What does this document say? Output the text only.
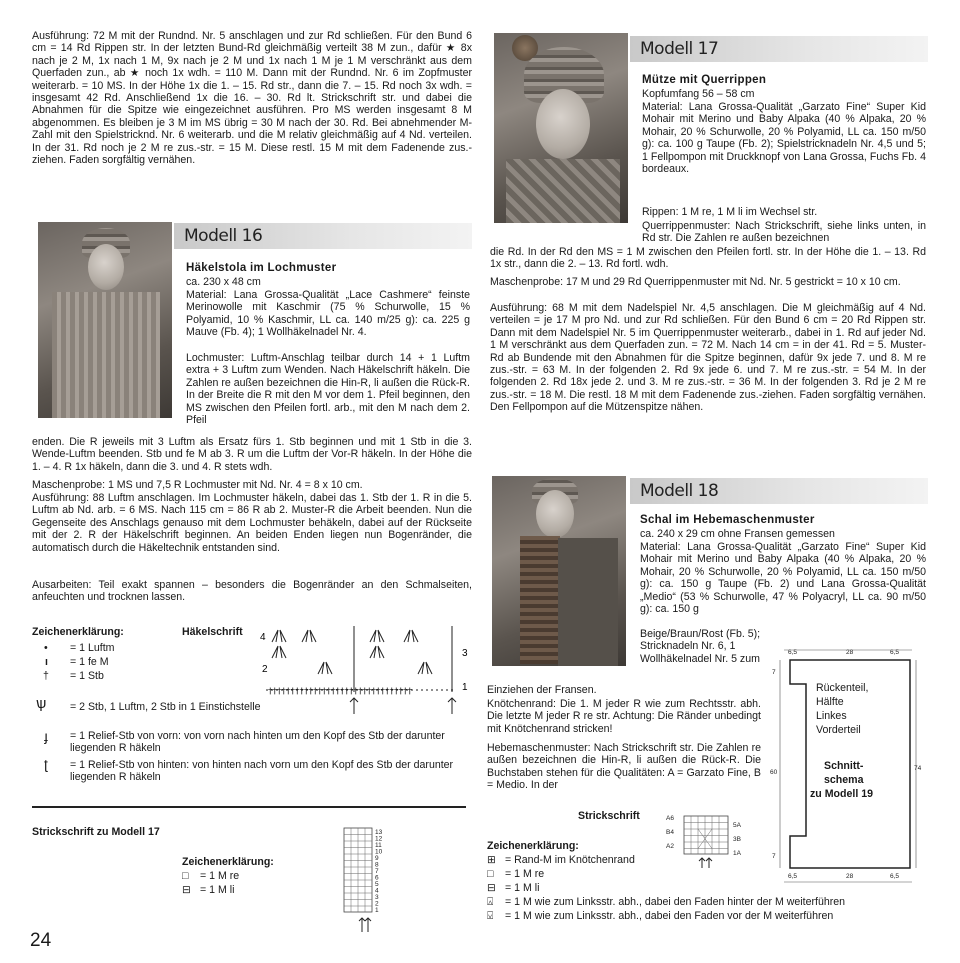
Ausführung: 72 M mit der Rundnd. Nr. 5 anschlagen und zur Rd schließen. Für den Bund 6 cm = 14 Rd Rippen str. In der letzten Bund-Rd gleichmäßig verteilt 38 M zun., dafür ★ 8x nach je 2 M, 1x nach 1 M, 9x nach je 2 M und 1x nach 1 M je 1 M verschränkt aus dem Querfaden zun., ab ★ noch 1x wdh. = 110 M. Dann mit der Rundnd. Nr. 6 im Zopfmuster weiterarb. = 10 MS. In der Höhe 1x die 1. – 15. Rd str., dann die 7. – 15. Rd noch 3x wdh. = insgesamt 42 Rd. Anschließend 1x die 16. – 30. Rd lt. Strickschrift str. und dabei die Abnahmen für die Spitze wie eingezeichnet ausführen. Pro MS werden insgesamt 8 M abgenommen. Es bleiben je 3 M im MS übrig = 30 M nach der 30. Rd. Bei abnehmender M-Zahl mit den Spielstricknd. Nr. 6 weiterarb. und die M relativ gleichmäßig auf 4 Nd. verteilen. In der 31. Rd noch je 2 M re zus.-str. = 15 M. Diese restl. 15 M mit dem Fadenende zus.-ziehen. Faden sorgfältig vernähen.
Modell 16
Häkelstola im Lochmuster
ca. 230 x 48 cm
Material: Lana Grossa-Qualität „Lace Cashmere“ feinste Merinowolle mit Kaschmir (75 % Schurwolle, 15 % Polyamid, 10 % Kaschmir, LL ca. 140 m/25 g): ca. 225 g Mauve (Fb. 4); 1 Wollhäkelnadel Nr. 4.
Lochmuster: Luftm-Anschlag teilbar durch 14 + 1 Luftm extra + 3 Luftm zum Wenden. Nach Häkelschrift häkeln. Die Zahlen re außen bezeichnen die Hin-R, li außen die Rück-R. In der Breite die R mit den M vor dem 1. Pfeil beginnen, den MS zwischen den Pfeilen fortl. arb., mit den M nach dem 2. Pfeil
enden. Die R jeweils mit 3 Luftm als Ersatz fürs 1. Stb beginnen und mit 1 Stb in die 3. Wende-Luftm beenden. Stb und fe M ab 3. R um die Luftm der Vor-R häkeln. In der Höhe die 1. – 4. R 1x häkeln, dann die 3. und 4. R stets wdh.
Maschenprobe: 1 MS und 7,5 R Lochmuster mit Nd. Nr. 4 = 8 x 10 cm.
Ausführung: 88 Luftm anschlagen. Im Lochmuster häkeln, dabei das 1. Stb der 1. R in die 5. Luftm ab Nd. arb. = 6 MS. Nach 115 cm = 86 R ab 2. Muster-R die Arbeit beenden. Nun die Gegenseite des Anschlags genauso mit dem Lochmuster behäkeln, dabei auf der Rückseite mit der 2. R der Häkelschrift beginnen. An beiden Enden liegen nun Bogenränder, die automatisch durch die Häkeltechnik entstanden sind.
Ausarbeiten: Teil exakt spannen – besonders die Bogenränder an den Schmalseiten, anfeuchten und trocknen lassen.
Zeichenerklärung:	Häkelschrift
• = 1 Luftm
ı = 1 fe M
† = 1 Stb
ѱ = 2 Stb, 1 Luftm, 2 Stb in 1 Einstichstelle
ɟ = 1 Relief-Stb von vorn: von vorn nach hinten um den Kopf des Stb der darunter liegenden R häkeln
ʈ = 1 Relief-Stb von hinten: von hinten nach vorn um den Kopf des Stb der darunter liegenden R häkeln
4
2
3
1
††††††††††††††††††††††††††††††††
Strickschrift zu Modell 17
Zeichenerklärung:
□ = 1 M re
⊟ = 1 M li
13
12
11
10
9
8
7
6
5
4
3
2
1
Modell 17
Mütze mit Querrippen
Kopfumfang 56 – 58 cm
Material: Lana Grossa-Qualität „Garzato Fine“ Super Kid Mohair mit Merino und Baby Alpaka (40 % Alpaka, 20 % Mohair, 20 % Schurwolle, 20 % Polyamid, LL ca. 150 m/50 g): ca. 100 g Taupe (Fb. 2); Spielstricknadeln Nr. 4,5 und 5; 1 Fellpompon mit Druckknopf von Lana Grossa, Fuchs Fb. 4 bordeaux.
Rippen: 1 M re, 1 M li im Wechsel str.
Querrippenmuster: Nach Strickschrift, siehe links unten, in Rd str. Die Zahlen re außen bezeichnen
die Rd. In der Rd den MS = 1 M zwischen den Pfeilen fortl. str. In der Höhe die 1. – 13. Rd 1x str., dann die 2. – 13. Rd fortl. wdh.
Maschenprobe: 17 M und 29 Rd Querrippenmuster mit Nd. Nr. 5 gestrickt = 10 x 10 cm.
Ausführung: 68 M mit dem Nadelspiel Nr. 4,5 anschlagen. Die M gleichmäßig auf 4 Nd. verteilen = je 17 M pro Nd. und zur Rd schließen. Für den Bund 6 cm = 20 Rd Rippen str. Dann mit dem Nadelspiel Nr. 5 im Querrippenmuster weiterarb., dabei in 1. Rd auf jeder Nd. 1 M verschränkt aus dem Querfaden zun. = 72 M. Nach 14 cm = in der 41. Rd = 5. Muster-Rd ab Bundende mit den Abnahmen für die Spitze beginnen, dafür 9x jede 7. und 8. M re zus.-str. = 63 M. In der folgenden 2. Rd 9x jede 6. und 7. M re zus.-str. = 54 M. In der folgenden 2. Rd 18x jede 2. und 3. M re zus.-str. = 36 M. In der folgenden 3. Rd je 2 M re zus.-str. = 18 M. Die restl. 18 M mit dem Fadenende zus.-ziehen. Faden sorgfältig vernähen. Den Fellpompon auf die Mützenspitze nähen.
Modell 18
Schal im Hebemaschenmuster
ca. 240 x 29 cm ohne Fransen gemessen
Material: Lana Grossa-Qualität „Garzato Fine“ Super Kid Mohair mit Merino und Baby Alpaka (40 % Alpaka, 20 % Mohair, 20 % Schurwolle, 20 % Polyamid, LL ca. 150 m/50 g): ca. 150 g Taupe (Fb. 2) und Lana Grossa-Qualität „Medio“ (53 % Schurwolle, 47 % Polyacryl, LL ca. 90 m/50 g): ca. 150 g
Beige/Braun/Rost (Fb. 5); Stricknadeln Nr. 6, 1 Wollhäkelnadel Nr. 5 zum
Einziehen der Fransen.
Knötchenrand: Die 1. M jeder R wie zum Rechtsstr. abh. Die letzte M jeder R re str. Achtung: Die Ränder unbedingt mit Knötchenrand stricken!
Hebemaschenmuster: Nach Strickschrift str. Die Zahlen re außen bezeichnen die Hin-R, li außen die Rück-R. Die Buchstaben stehen für die Qualitäten: A = Garzato Fine, B = Medio. In der
Strickschrift	A6
B4
A2
5A
3B
1A
Zeichenerklärung:
⊞ = Rand-M im Knötchenrand
□ = 1 M re
⊟ = 1 M li
⍓ = 1 M wie zum Linksstr. abh., dabei den Faden hinter der M weiterführen
⍌ = 1 M wie zum Linksstr. abh., dabei den Faden vor der M weiterführen
6,5	28	6,5
6,5	28	6,5
7
60
7
74
Rückenteil,
Hälfte
Linkes
Vorderteil
Schnitt-
schema
zu Modell 19
24
